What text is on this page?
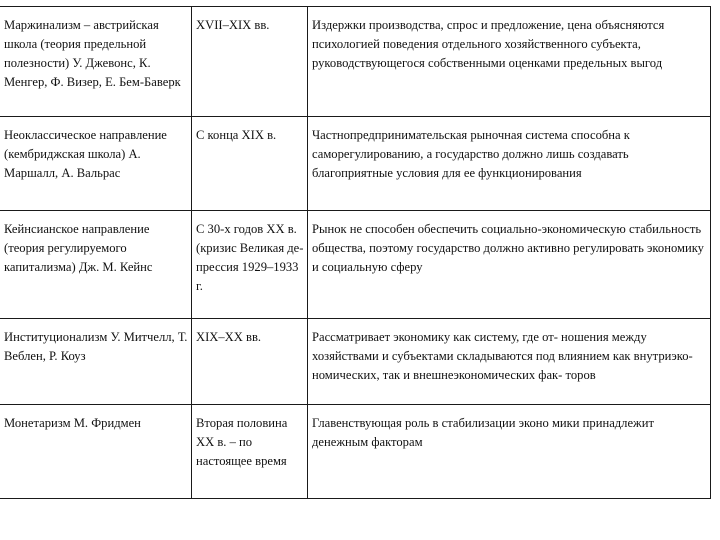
Маржинализм – австрийская школа (теория предельной полезности) У. Джевонс, К. Менгер, Ф. Визер, Е. Бем-Баверк	XVII–XIX вв.	Издержки производства, спрос и предложение, цена объясняются психологией поведения отдельного хозяйственного субъекта, руководствующегося собственными оценками предельных выгод

Неоклассическое направление (кембриджская школа) А. Маршалл, А. Вальрас	С конца XIX в.	Частнопредпринимательская рыночная система способна к саморегулированию, а государство должно лишь создавать благоприятные условия для ее функционирования

Кейнсианское направление (теория регулируемого капитализма) Дж. М. Кейнс	С 30-х годов XX в. (кризис Великая де-прессия 1929–1933 г.	Рынок не способен обеспечить социально-экономическую стабильность общества, поэтому государство должно активно регулировать экономику и социальную сферу

Институционализм У. Митчелл, Т. Веблен, Р. Коуз	XIX–XX вв.	Рассматривает экономику как систему, где от- ношения между хозяйствами и субъектами складываются под влиянием как внутриэко- номических, так и внешнеэкономических фак- торов

Монетаризм М. Фридмен	Вторая половина XX в. – по настоящее время	Главенствующая роль в стабилизации эконо мики принадлежит денежным факторам
